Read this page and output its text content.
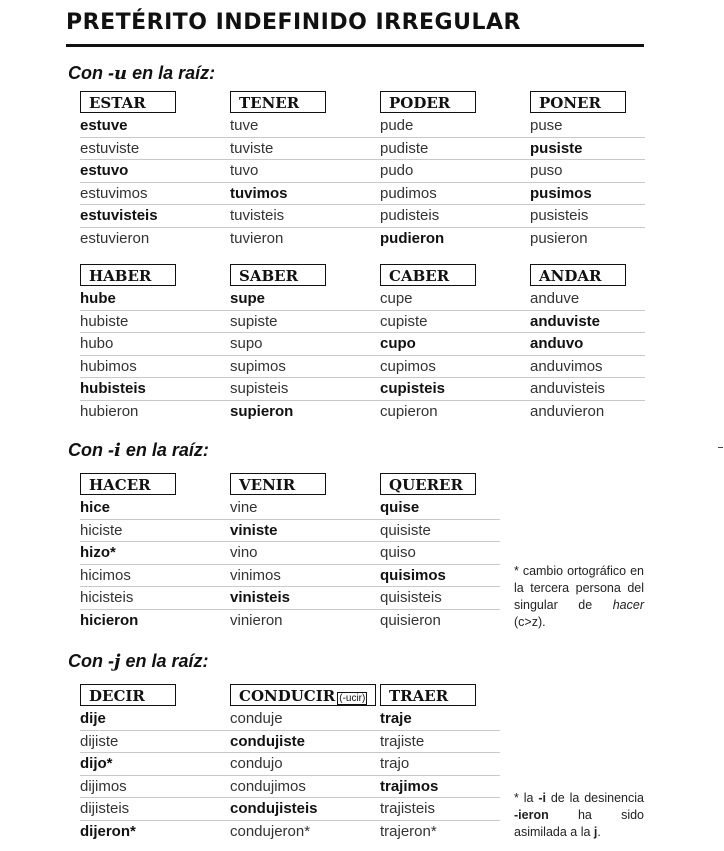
PRETÉRITO INDEFINIDO IRREGULAR
Con -u en la raíz:
ESTAR
estuve
estuviste
estuvo
estuvimos
estuvisteis
estuvieron
TENER
tuve
tuviste
tuvo
tuvimos
tuvisteis
tuvieron
PODER
pude
pudiste
pudo
pudimos
pudisteis
pudieron
PONER
puse
pusiste
puso
pusimos
pusisteis
pusieron
HABER
hube
hubiste
hubo
hubimos
hubisteis
hubieron
SABER
supe
supiste
supo
supimos
supisteis
supieron
CABER
cupe
cupiste
cupo
cupimos
cupisteis
cupieron
ANDAR
anduve
anduviste
anduvo
anduvimos
anduvisteis
anduvieron
Con -i en la raíz:
HACER
hice
hiciste
hizo*
hicimos
hicisteis
hicieron
VENIR
vine
viniste
vino
vinimos
vinisteis
vinieron
QUERER
quise
quisiste
quiso
quisimos
quisisteis
quisieron
* cambio ortográfico en la tercera persona del singular de hacer (c>z).
Con -j en la raíz:
DECIR
dije
dijiste
dijo*
dijimos
dijisteis
dijeron*
CONDUCIR (-ucir)
conduje
condujiste
condujo
condujimos
condujisteis
condujeron*
TRAER
traje
trajiste
trajo
trajimos
trajisteis
trajeron*
* la -i de la desinencia -ieron ha sido asimilada a la j.
